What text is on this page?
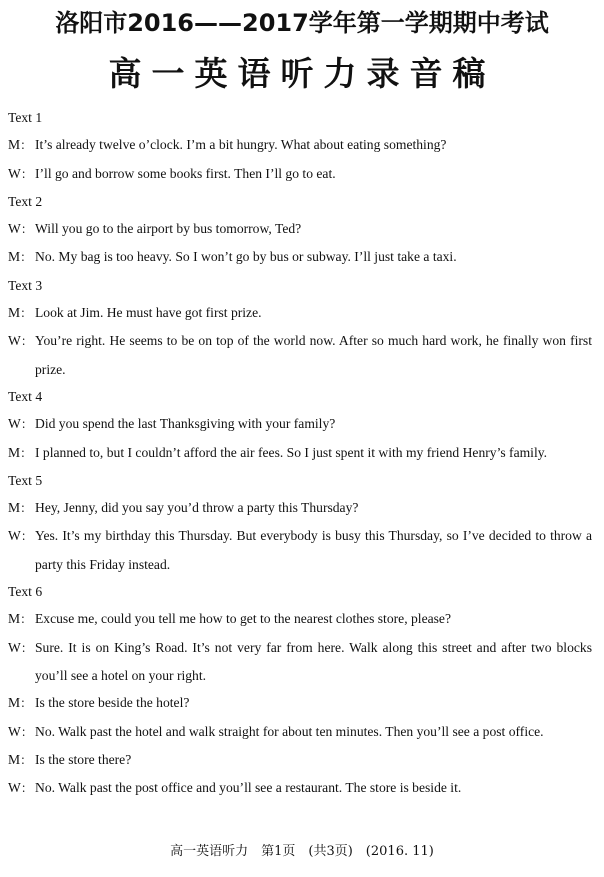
洛阳市2016——2017学年第一学期期中考试
高一英语听力录音稿

Text 1

M： It’s already twelve o’clock. I’m a bit hungry. What about eating something?

W： I’ll go and borrow some books first. Then I’ll go to eat.

Text 2

W： Will you go to the airport by bus tomorrow, Ted?

M： No. My bag is too heavy. So I won’t go by bus or subway. I’ll just take a taxi.

Text 3

M： Look at Jim. He must have got first prize.

W： You’re right. He seems to be on top of the world now. After so much hard work, he finally won first prize.

Text 4

W： Did you spend the last Thanksgiving with your family?

M： I planned to, but I couldn’t afford the air fees. So I just spent it with my friend Henry’s family.

Text 5

M： Hey, Jenny, did you say you’d throw a party this Thursday?

W： Yes. It’s my birthday this Thursday. But everybody is busy this Thursday, so I’ve decided to throw a party this Friday instead.

Text 6

M： Excuse me, could you tell me how to get to the nearest clothes store, please?

W： Sure. It is on King’s Road. It’s not very far from here. Walk along this street and after two blocks you’ll see a hotel on your right.

M： Is the store beside the hotel?

W： No. Walk past the hotel and walk straight for about ten minutes. Then you’ll see a post office.

M： Is the store there?

W： No. Walk past the post office and you’ll see a restaurant. The store is beside it.

高一英语听力　第1页　(共3页)　(2016. 11)
